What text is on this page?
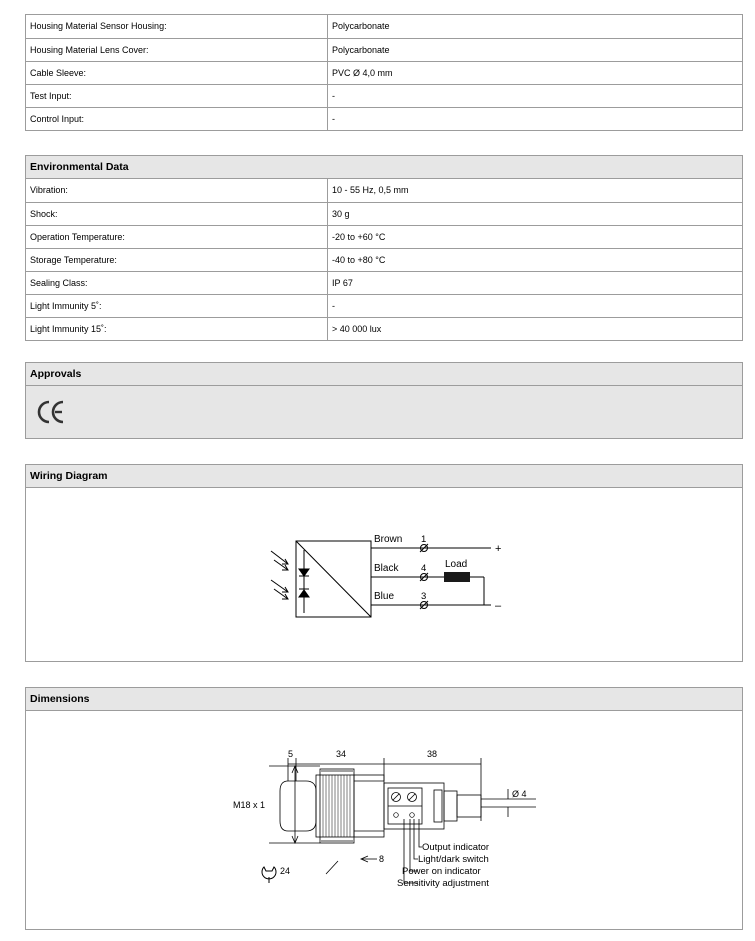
Housing Material Sensor Housing:	Polycarbonate
Housing Material Lens Cover:	Polycarbonate
Cable Sleeve:	PVC Ø 4,0 mm
Test Input:	-
Control Input:	-
Environmental Data
Vibration:	10 - 55 Hz, 0,5 mm
Shock:	30 g
Operation Temperature:	-20 to +60 °C
Storage Temperature:	-40 to +80 °C
Sealing Class:	IP 67
Light Immunity 5˚:	-
Light Immunity 15˚:	> 40 000 lux
Approvals
Wiring Diagram
Brown
Black
Blue
1
4
3
+
–
Load
Dimensions
5	34	38
Ø 4
M18 x 1
24
8
Output indicator
Light/dark switch
Power on indicator
Sensitivity adjustment
